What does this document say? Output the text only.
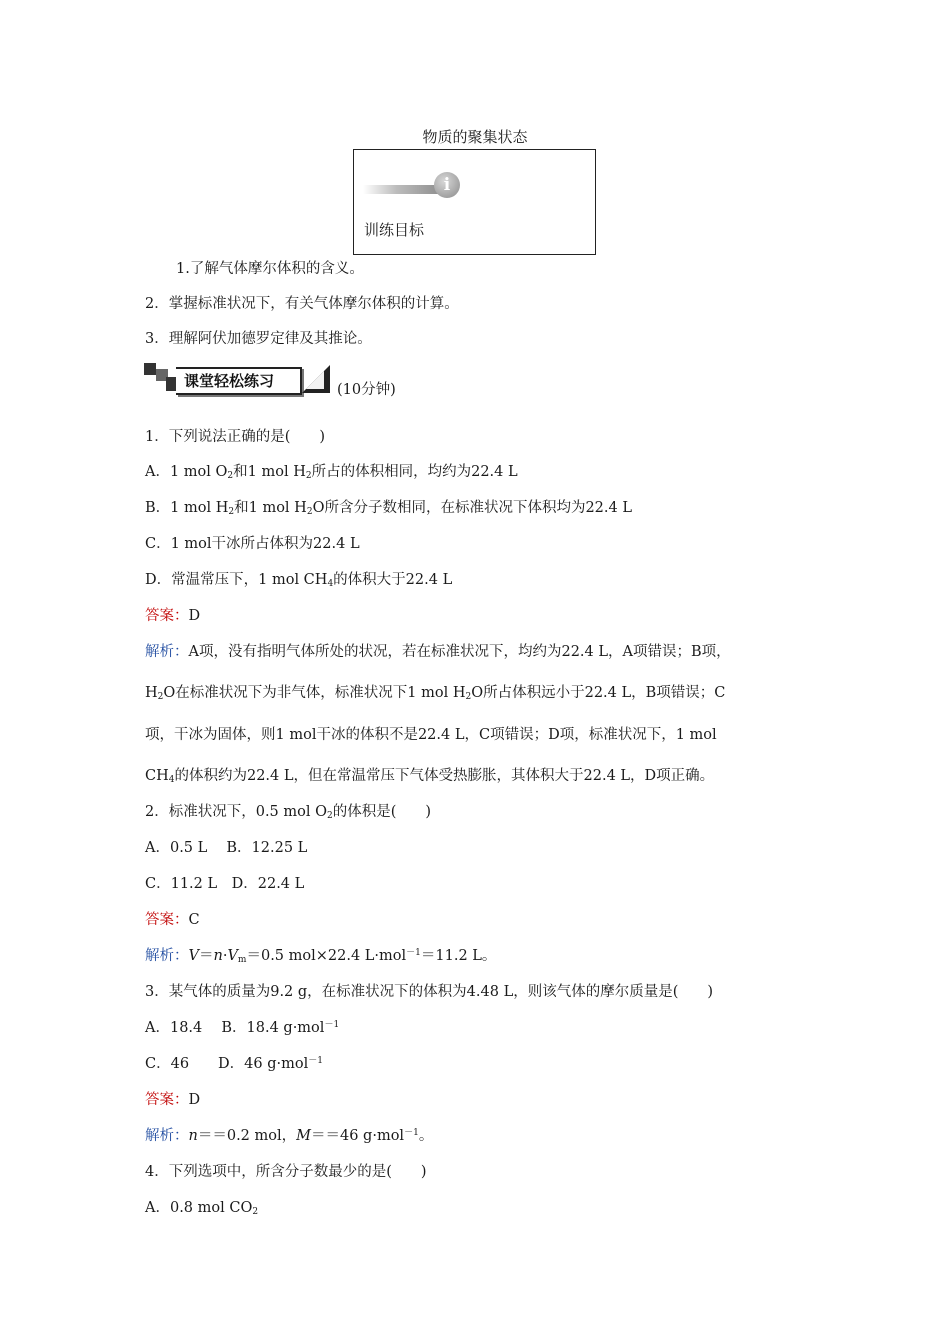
物质的聚集状态
i
训练目标
1.了解气体摩尔体积的含义。
2．掌握标准状况下，有关气体摩尔体积的计算。
3．理解阿伏加德罗定律及其推论。
课堂轻松练习	(10分钟)
1．下列说法正确的是(　　)
A．1 mol $O_2$和1 mol $H_2$所占的体积相同，均约为22.4 L
B．1 mol $H_2$和1 mol $H_2O$所含分子数相同，在标准状况下体积均为22.4 L
C．1 mol干冰所占体积为22.4 L
D．常温常压下，1 mol $CH_4$的体积大于22.4 L
答案：D
解析：A项，没有指明气体所处的状况，若在标准状况下，均约为22.4 L，A项错误；B项，
$H_2O$在标准状况下为非气体，标准状况下1 mol $H_2O$所占体积远小于22.4 L，B项错误；C
项，干冰为固体，则1 mol干冰的体积不是22.4 L，C项错误；D项，标准状况下，1 mol
$CH_4$的体积约为22.4 L，但在常温常压下气体受热膨胀，其体积大于22.4 L，D项正确。
2．标准状况下，0.5 mol $O_2$的体积是(　　)
A．0.5 L　 B．12.25 L
C．11.2 L　D．22.4 L
答案：C
解析：$V=n\cdot V_m=0.5$ mol×22.4 L·mol$^{-1}$＝11.2 L。
3．某气体的质量为9.2 g，在标准状况下的体积为4.48 L，则该气体的摩尔质量是(　　)
A．18.4　 B．18.4 g·mol$^{-1}$
C．46　　D．46 g·mol$^{-1}$
答案：D
解析：n＝＝0.2 mol，M＝＝46 g·mol$^{-1}$。
4．下列选项中，所含分子数最少的是(　　)
A．0.8 mol $CO_2$
